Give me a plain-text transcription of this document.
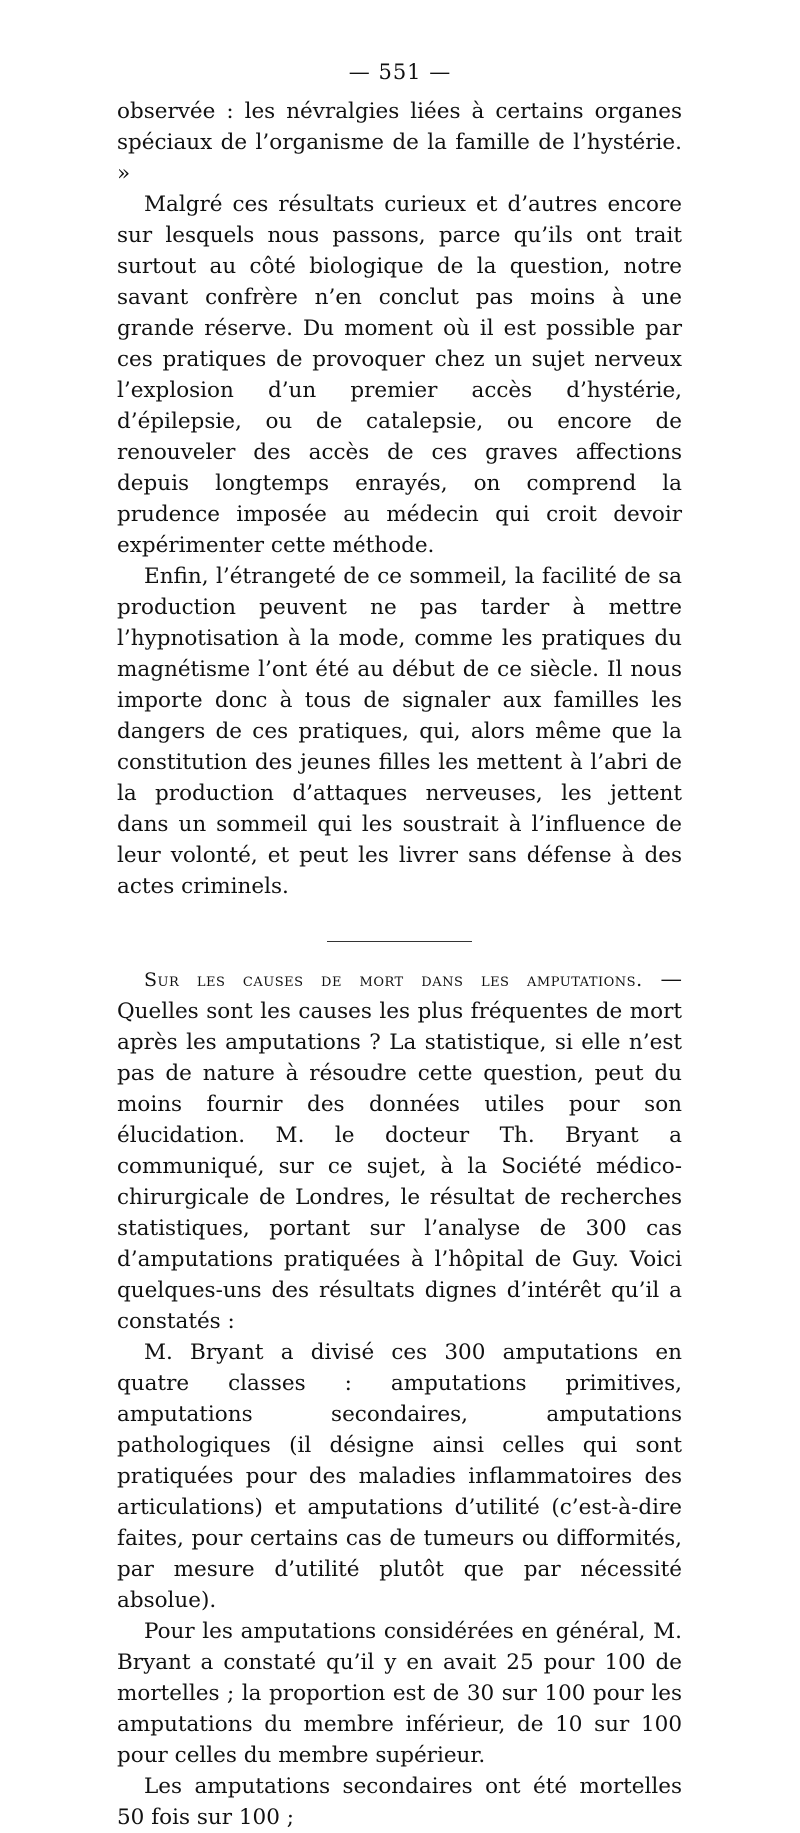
— 551 —

observée : les névralgies liées à certains organes spéciaux de l’organisme de la famille de l’hystérie. »

Malgré ces résultats curieux et d’autres encore sur lesquels nous passons, parce qu’ils ont trait surtout au côté biologique de la question, notre savant confrère n’en conclut pas moins à une grande réserve. Du moment où il est possible par ces pratiques de provoquer chez un sujet nerveux l’explosion d’un premier accès d’hystérie, d’épilepsie, ou de catalepsie, ou encore de renouveler des accès de ces graves affections depuis longtemps enrayés, on comprend la prudence imposée au médecin qui croit devoir expérimenter cette méthode.

Enfin, l’étrangeté de ce sommeil, la facilité de sa production peuvent ne pas tarder à mettre l’hypnotisation à la mode, comme les pratiques du magnétisme l’ont été au début de ce siècle. Il nous importe donc à tous de signaler aux familles les dangers de ces pratiques, qui, alors même que la constitution des jeunes filles les mettent à l’abri de la production d’attaques nerveuses, les jettent dans un sommeil qui les soustrait à l’influence de leur volonté, et peut les livrer sans défense à des actes criminels.

Sur les causes de mort dans les amputations. — Quelles sont les causes les plus fréquentes de mort après les amputations ? La statistique, si elle n’est pas de nature à résoudre cette question, peut du moins fournir des données utiles pour son élucidation. M. le docteur Th. Bryant a communiqué, sur ce sujet, à la Société médico-chirurgicale de Londres, le résultat de recherches statistiques, portant sur l’analyse de 300 cas d’amputations pratiquées à l’hôpital de Guy. Voici quelques-uns des résultats dignes d’intérêt qu’il a constatés :

M. Bryant a divisé ces 300 amputations en quatre classes : amputations primitives, amputations secondaires, amputations pathologiques (il désigne ainsi celles qui sont pratiquées pour des maladies inflammatoires des articulations) et amputations d’utilité (c’est-à-dire faites, pour certains cas de tumeurs ou difformités, par mesure d’utilité plutôt que par nécessité absolue).

Pour les amputations considérées en général, M. Bryant a constaté qu’il y en avait 25 pour 100 de mortelles ; la proportion est de 30 sur 100 pour les amputations du membre inférieur, de 10 sur 100 pour celles du membre supérieur.

Les amputations secondaires ont été mortelles 50 fois sur 100 ;
